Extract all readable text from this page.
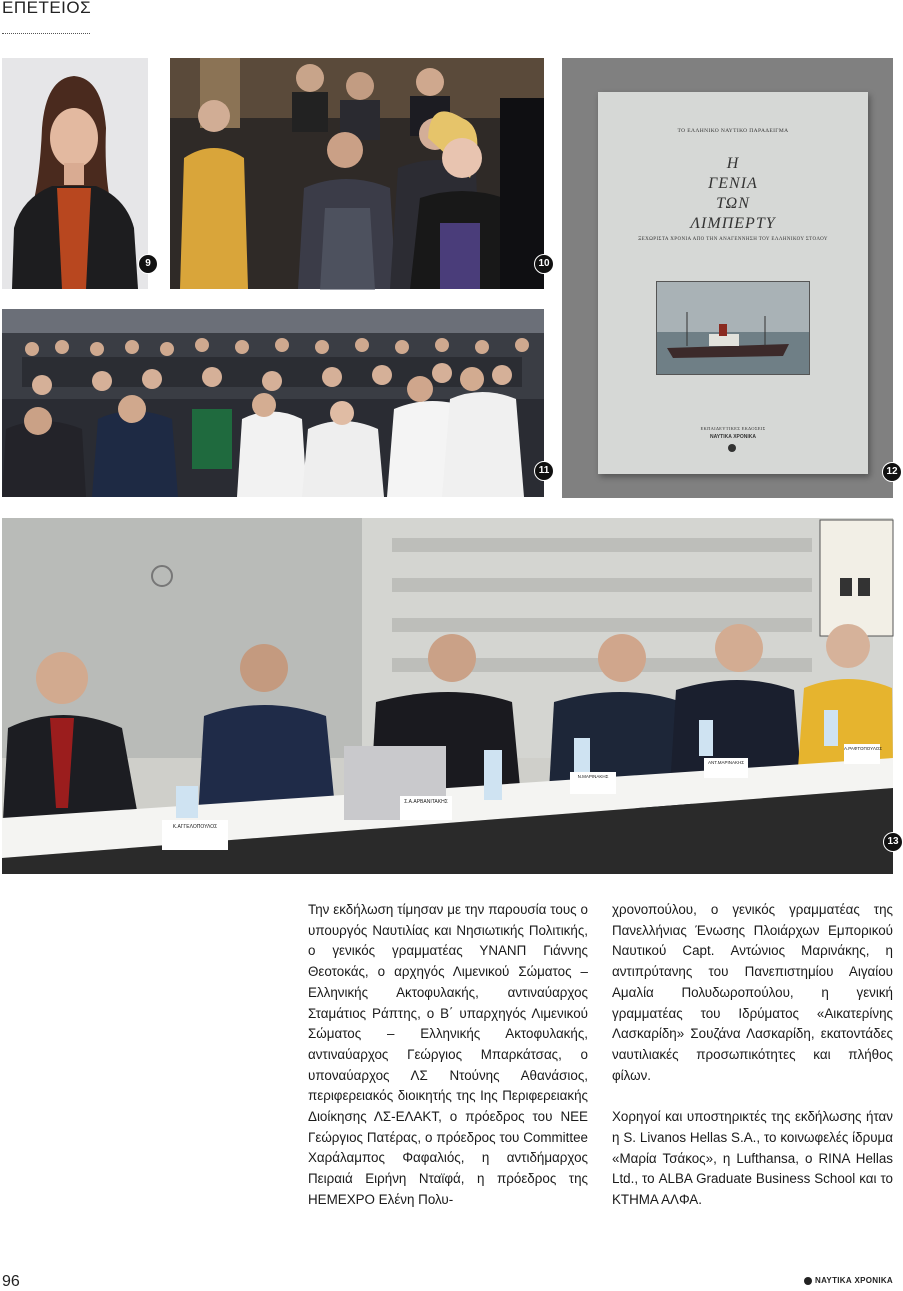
ΕΠΕΤΕΙΟΣ
9	10
11
ΤΟ ΕΛΛΗΝΙΚΟ ΝΑΥΤΙΚΟ ΠΑΡΑΔΕΙΓΜΑ
Η
ΓΕΝΙΑ
ΤΩΝ
ΛΙΜΠΕΡΤΥ
ΞΕΧΩΡΙΣΤΑ ΧΡΟΝΙΑ ΑΠΟ ΤΗΝ ΑΝΑΓΕΝΝΗΣΗ ΤΟΥ ΕΛΛΗΝΙΚΟΥ ΣΤΟΛΟΥ
ΕΚΠΑΙΔΕΥΤΙΚΕΣ ΕΚΔΟΣΕΙΣ
ΝΑΥΤΙΚΑ ΧΡΟΝΙΚΑ
12
Κ.ΑΓΓΕΛΟΠΟΥΛΟΣ
Σ.Α.ΑΡΒΑΝΙΤΑΚΗΣ
Ν.ΜΑΡΙΝΑΚΗΣ
ΑΝΤ.ΜΑΡΙΝΑΚΗΣ
Α.ΡΑΦΤΟΠΟΥΛΟΣ
13

Την εκδήλωση τίμησαν με την παρουσία τους ο υπουργός Ναυτιλίας και Νησιωτικής Πολιτικής, ο γενικός γραμματέας ΥΝΑΝΠ Γιάννης Θεοτοκάς, ο αρχηγός Λιμενικού Σώματος – Ελληνικής Ακτοφυλακής, αντιναύαρχος Σταμάτιος Ράπτης, ο Β΄ υπαρχηγός Λιμενικού Σώματος – Ελληνικής Ακτοφυλακής, αντιναύαρχος Γεώργιος Μπαρκάτσας, ο υποναύαρχος ΛΣ Ντούνης Αθανάσιος, περιφερειακός διοικητής της Ιης Περιφερειακής Διοίκησης ΛΣ-ΕΛΑΚΤ, ο πρόεδρος του ΝΕΕ Γεώργιος Πατέρας, ο πρόεδρος του Committee Χαράλαμπος Φαφαλιός, η αντιδήμαρχος Πειραιά Ειρήνη Νταϊφά, η πρόεδρος της ΗΕΜΕΧΡΟ Ελένη Πολυ-

χρονοπούλου, ο γενικός γραμματέας της Πανελλήνιας Ένωσης Πλοιάρχων Εμπορικού Ναυτικού Capt. Αντώνιος Μαρινάκης, η αντιπρύτανης του Πανεπιστημίου Αιγαίου Αμαλία Πολυδωροπούλου, η γενική γραμματέας του Ιδρύματος «Αικατερίνης Λασκαρίδη» Σουζάνα Λασκαρίδη, εκατοντάδες ναυτιλιακές προσωπικότητες και πλήθος φίλων.

Χορηγοί και υποστηρικτές της εκδήλωσης ήταν η S. Livanos Hellas S.A., το κοινωφελές ίδρυμα «Μαρία Τσάκος», η Lufthansa, ο RINA Hellas Ltd., το ALBA Graduate Business School και το ΚΤΗΜΑ ΑΛΦΑ.

96	ΝΑΥΤΙΚΑ ΧΡΟΝΙΚΑ
